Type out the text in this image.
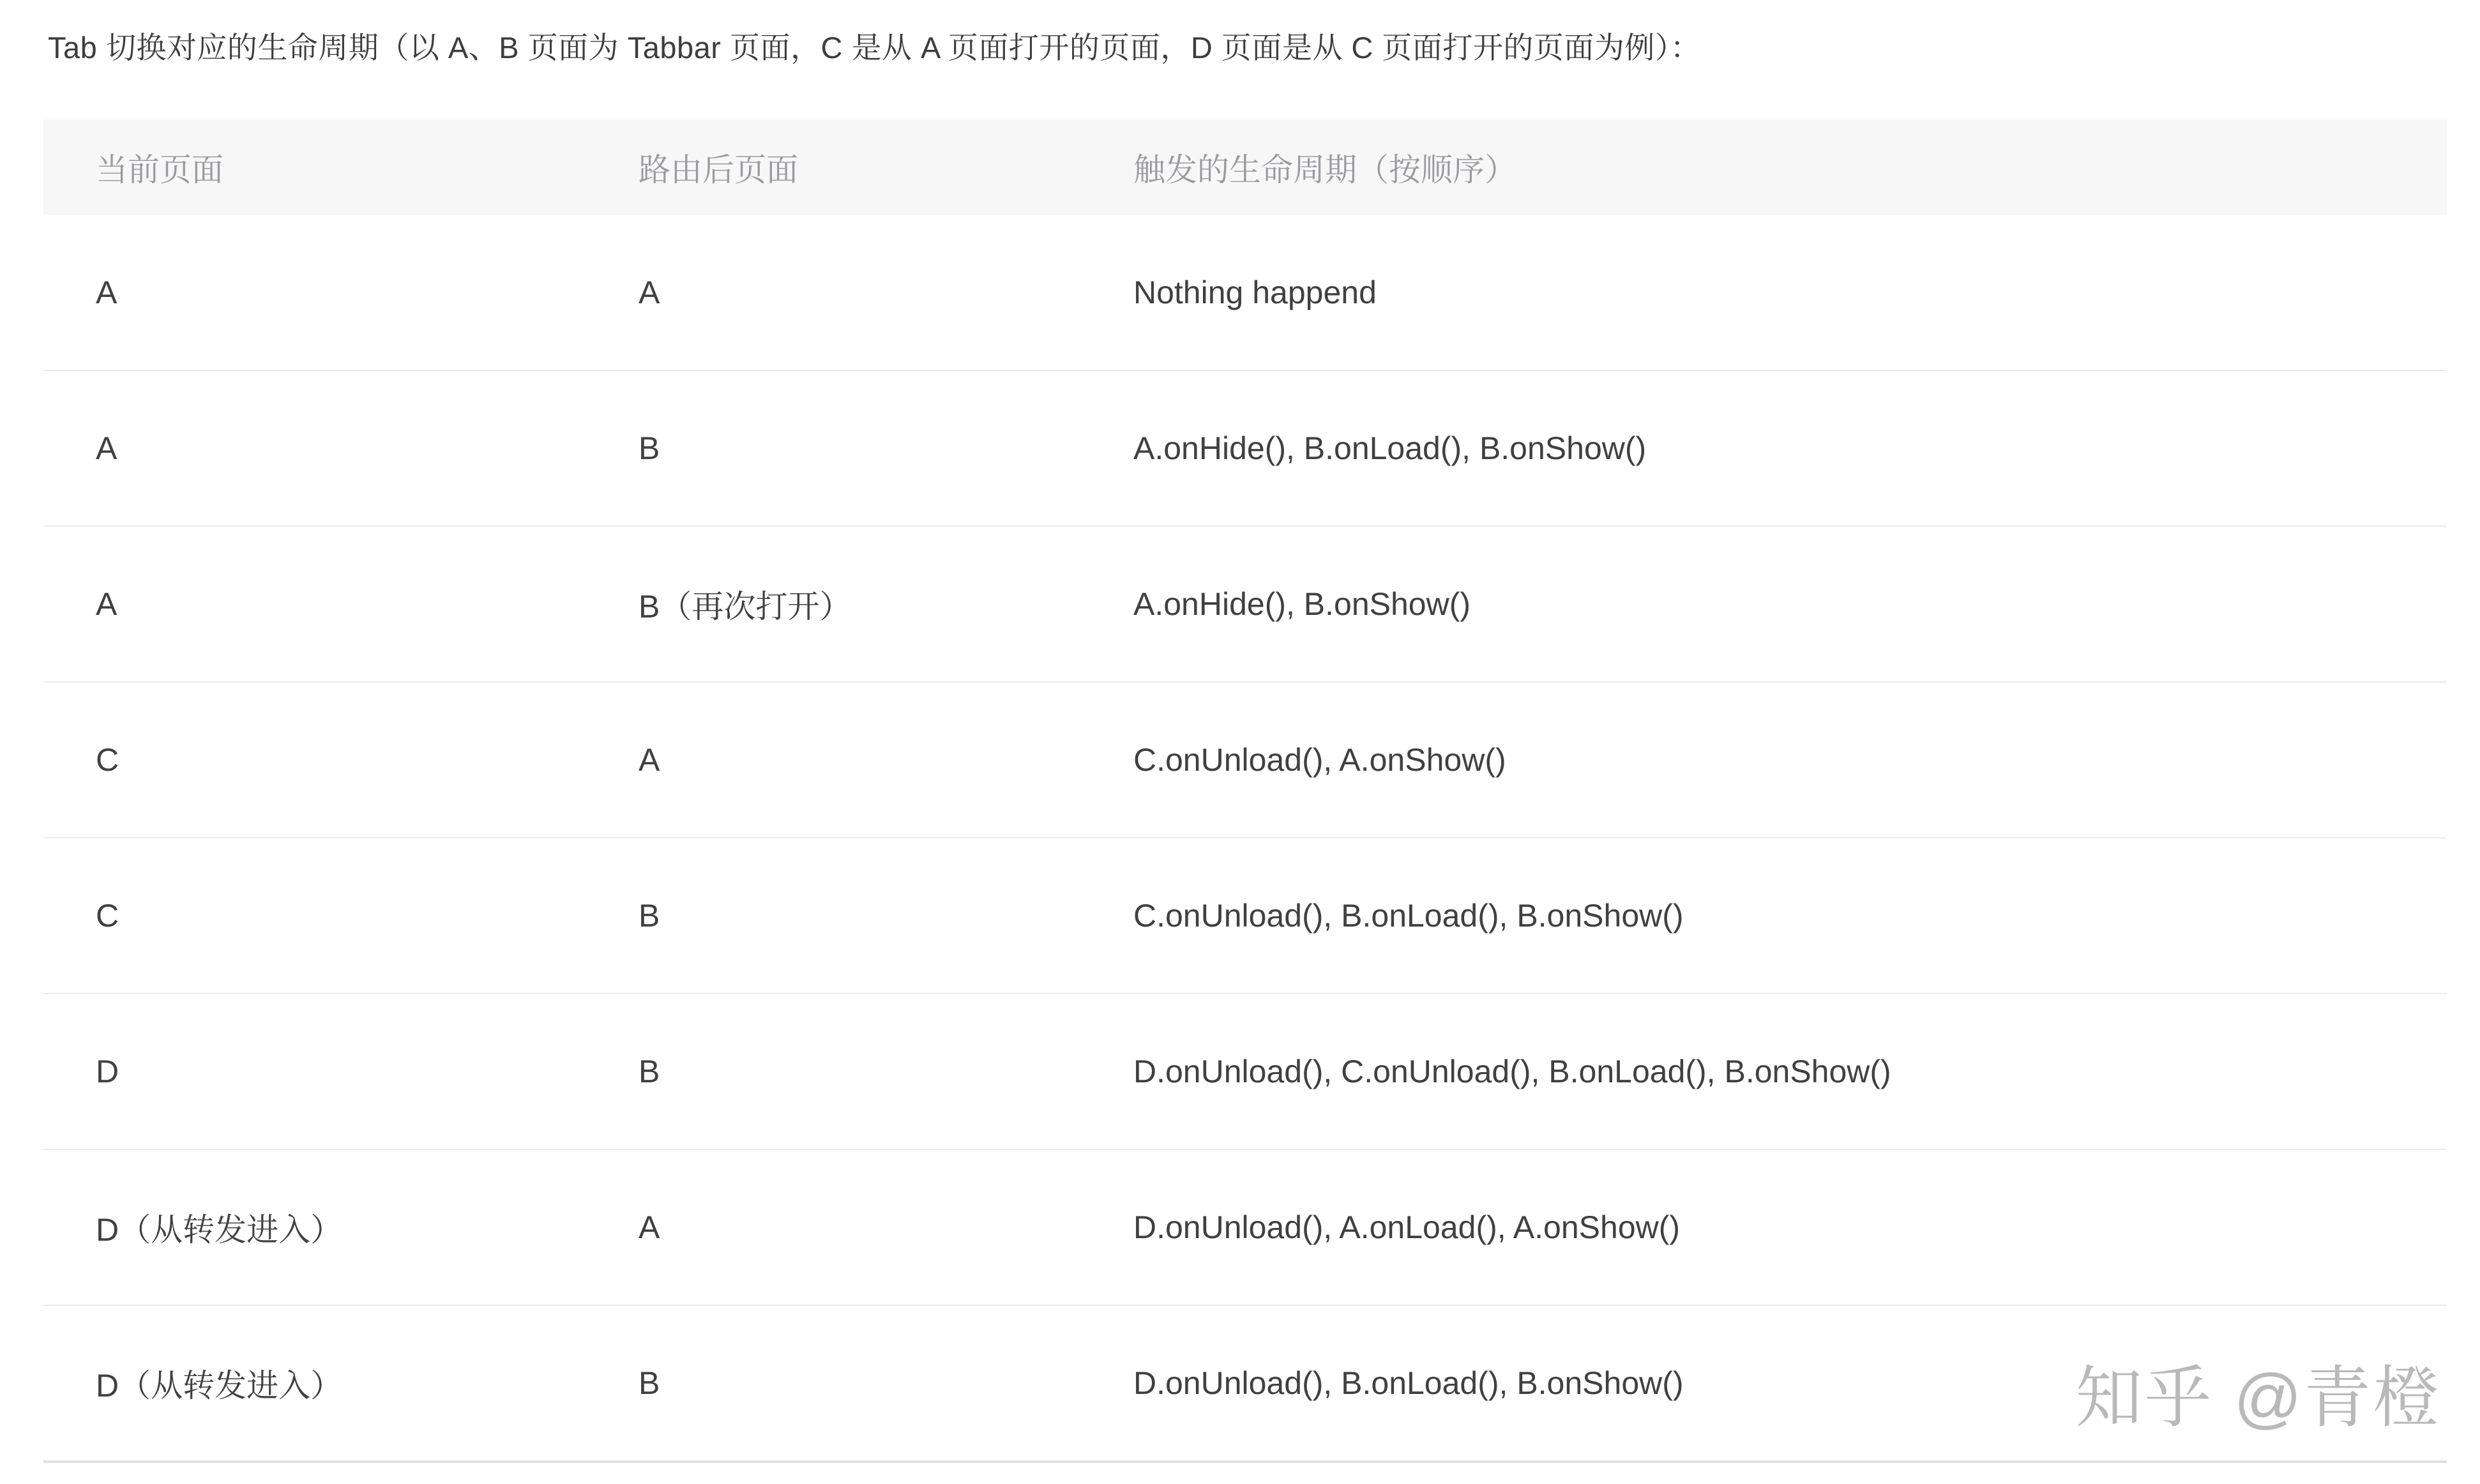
Tab 切换对应的生命周期（以 A、B 页面为 Tabbar 页面，C 是从 A 页面打开的页面，D 页面是从 C 页面打开的页面为例）：
当前页面	路由后页面	触发的生命周期（按顺序）
A	A	Nothing happend
A	B	A.onHide(), B.onLoad(), B.onShow()
A	B（再次打开）	A.onHide(), B.onShow()
C	A	C.onUnload(), A.onShow()
C	B	C.onUnload(), B.onLoad(), B.onShow()
D	B	D.onUnload(), C.onUnload(), B.onLoad(), B.onShow()
D（从转发进入）	A	D.onUnload(), A.onLoad(), A.onShow()
D（从转发进入）	B	D.onUnload(), B.onLoad(), B.onShow()	知乎 @青橙
